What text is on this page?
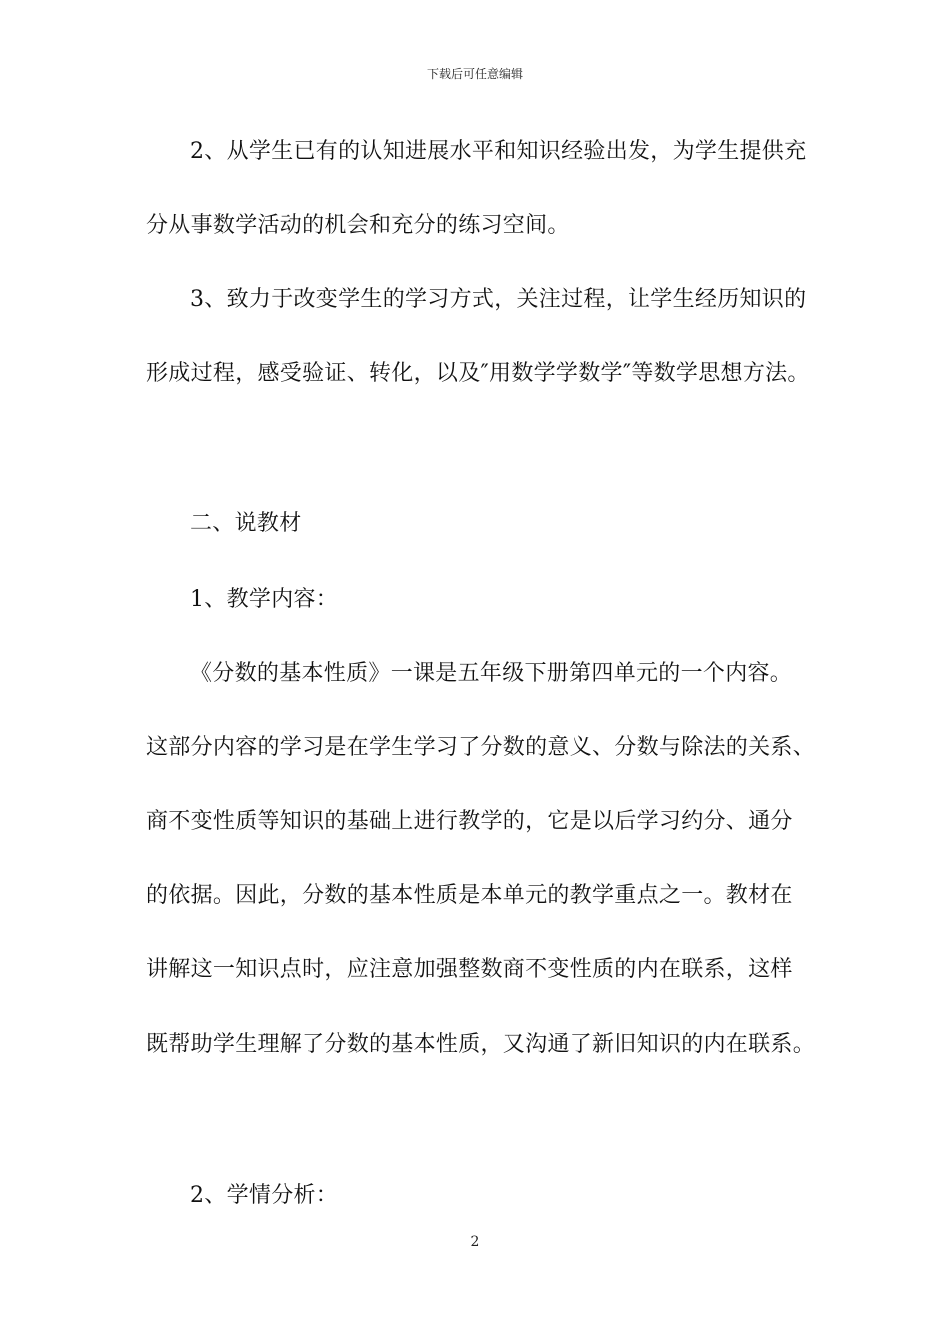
下载后可任意编辑
2、从学生已有的认知进展水平和知识经验出发，为学生提供充
分从事数学活动的机会和充分的练习空间。
3、致力于改变学生的学习方式，关注过程，让学生经历知识的
形成过程，感受验证、转化，以及″用数学学数学″等数学思想方法。
二、说教材
1、教学内容：
《分数的基本性质》一课是五年级下册第四单元的一个内容。
这部分内容的学习是在学生学习了分数的意义、分数与除法的关系、
商不变性质等知识的基础上进行教学的，它是以后学习约分、通分
的依据。因此，分数的基本性质是本单元的教学重点之一。教材在
讲解这一知识点时，应注意加强整数商不变性质的内在联系，这样
既帮助学生理解了分数的基本性质，又沟通了新旧知识的内在联系。
2、学情分析：
2
